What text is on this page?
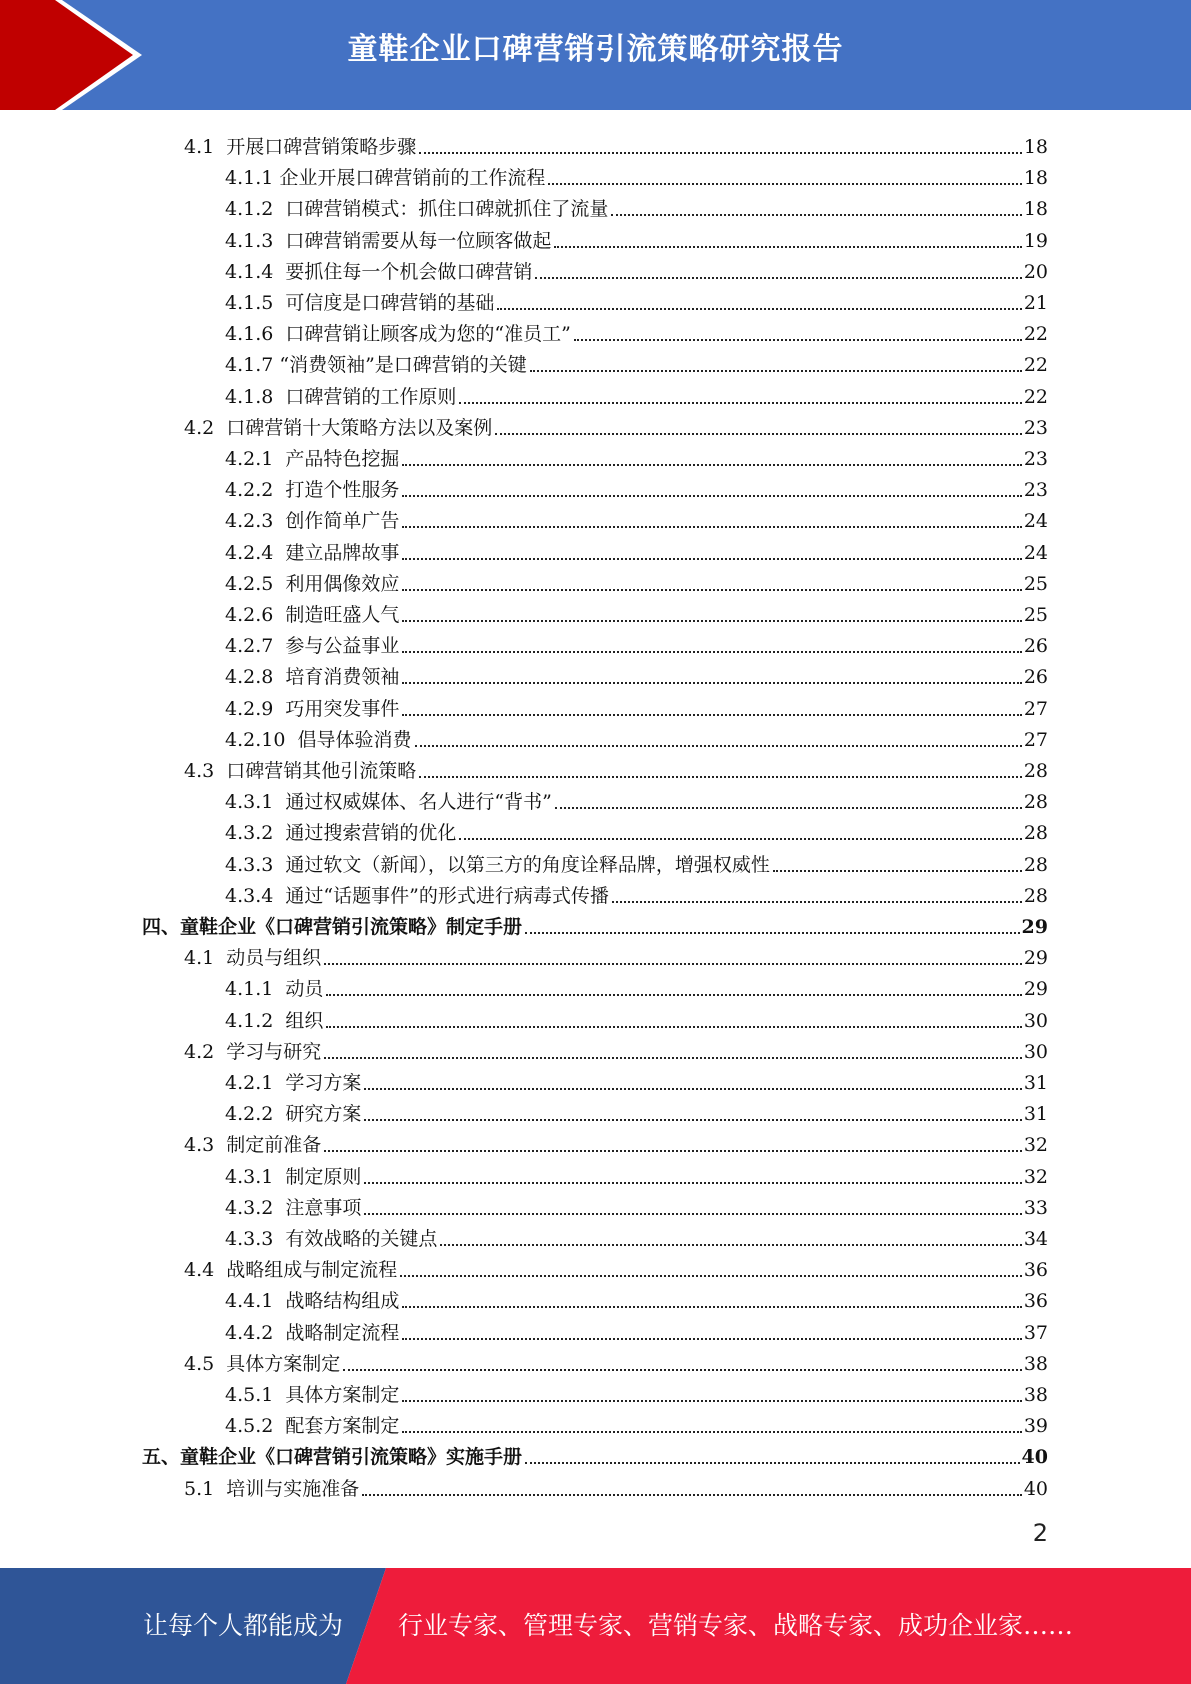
童鞋企业口碑营销引流策略研究报告
4.1  开展口碑营销策略步骤	18
4.1.1 企业开展口碑营销前的工作流程	18
4.1.2  口碑营销模式：抓住口碑就抓住了流量	18
4.1.3  口碑营销需要从每一位顾客做起	19
4.1.4  要抓住每一个机会做口碑营销	20
4.1.5  可信度是口碑营销的基础	21
4.1.6  口碑营销让顾客成为您的“准员工”	22
4.1.7 “消费领袖”是口碑营销的关键	22
4.1.8  口碑营销的工作原则	22
4.2  口碑营销十大策略方法以及案例	23
4.2.1  产品特色挖掘	23
4.2.2  打造个性服务	23
4.2.3  创作简单广告	24
4.2.4  建立品牌故事	24
4.2.5  利用偶像效应	25
4.2.6  制造旺盛人气	25
4.2.7  参与公益事业	26
4.2.8  培育消费领袖	26
4.2.9  巧用突发事件	27
4.2.10  倡导体验消费	27
4.3  口碑营销其他引流策略	28
4.3.1  通过权威媒体、名人进行“背书”	28
4.3.2  通过搜索营销的优化	28
4.3.3  通过软文（新闻），以第三方的角度诠释品牌，增强权威性	28
4.3.4  通过“话题事件”的形式进行病毒式传播	28
四、童鞋企业《口碑营销引流策略》制定手册	29
4.1  动员与组织	29
4.1.1  动员	29
4.1.2  组织	30
4.2  学习与研究	30
4.2.1  学习方案	31
4.2.2  研究方案	31
4.3  制定前准备	32
4.3.1  制定原则	32
4.3.2  注意事项	33
4.3.3  有效战略的关键点	34
4.4  战略组成与制定流程	36
4.4.1  战略结构组成	36
4.4.2  战略制定流程	37
4.5  具体方案制定	38
4.5.1  具体方案制定	38
4.5.2  配套方案制定	39
五、童鞋企业《口碑营销引流策略》实施手册	40
5.1  培训与实施准备	40
2
让每个人都能成为 行业专家、管理专家、营销专家、战略专家、成功企业家……
